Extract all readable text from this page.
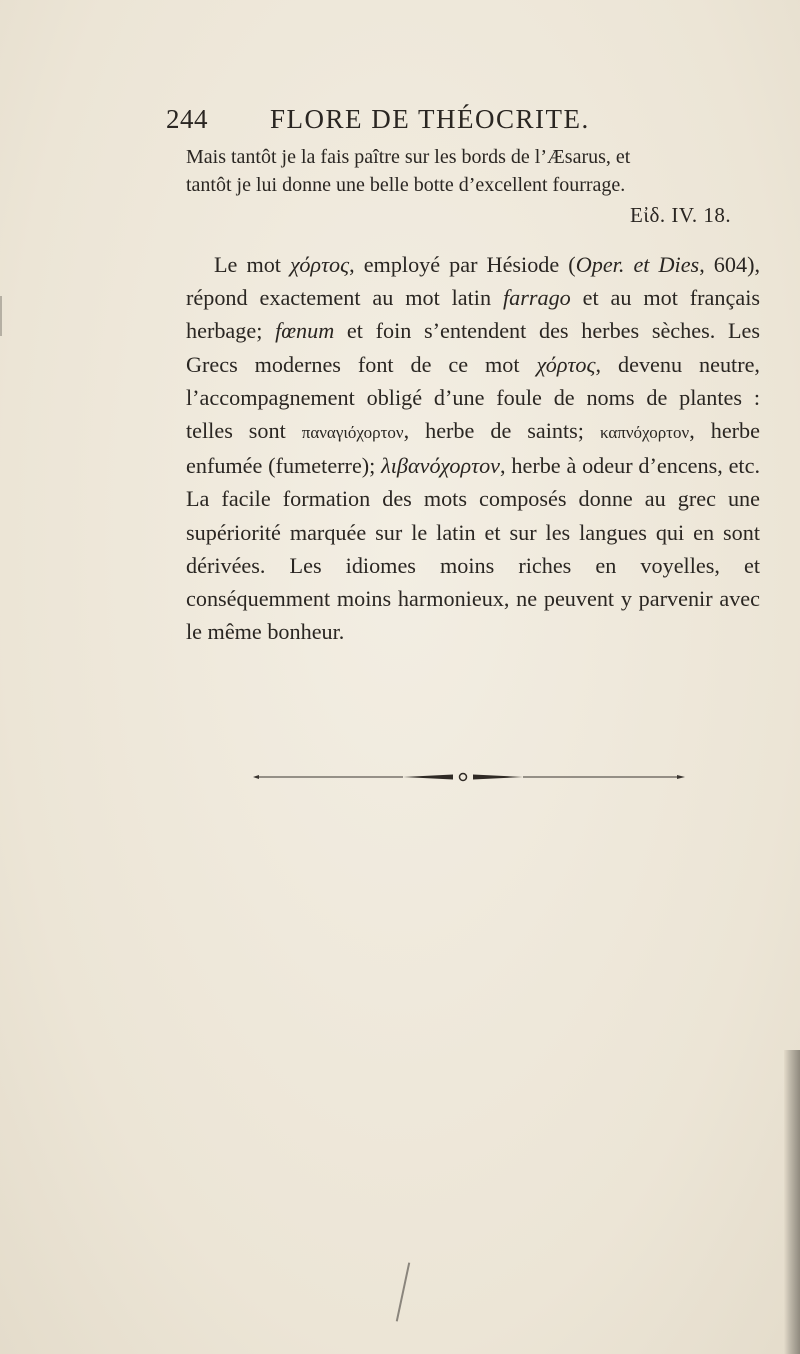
244 FLORE DE THÉOCRITE.
Mais tantôt je la fais paître sur les bords de l’Æsarus, et
tantôt je lui donne une belle botte d’excellent fourrage.
Εἰδ. IV. 18.
Le mot χόρτος, employé par Hésiode (Oper. et Dies, 604), répond exactement au mot latin farrago et au mot français herbage; fœnum et foin s’entendent des herbes sèches. Les Grecs modernes font de ce mot χόρτος, devenu neutre, l’accompagnement obligé d’une foule de noms de plantes : telles sont παναγιόχορτον, herbe de saints; καπνόχορτον, herbe enfumée (fumeterre); λιβανόχορτον, herbe à odeur d’encens, etc. La facile formation des mots composés donne au grec une supériorité marquée sur le latin et sur les langues qui en sont dérivées. Les idiomes moins riches en voyelles, et conséquemment moins harmonieux, ne peuvent y parvenir avec le même bonheur.
